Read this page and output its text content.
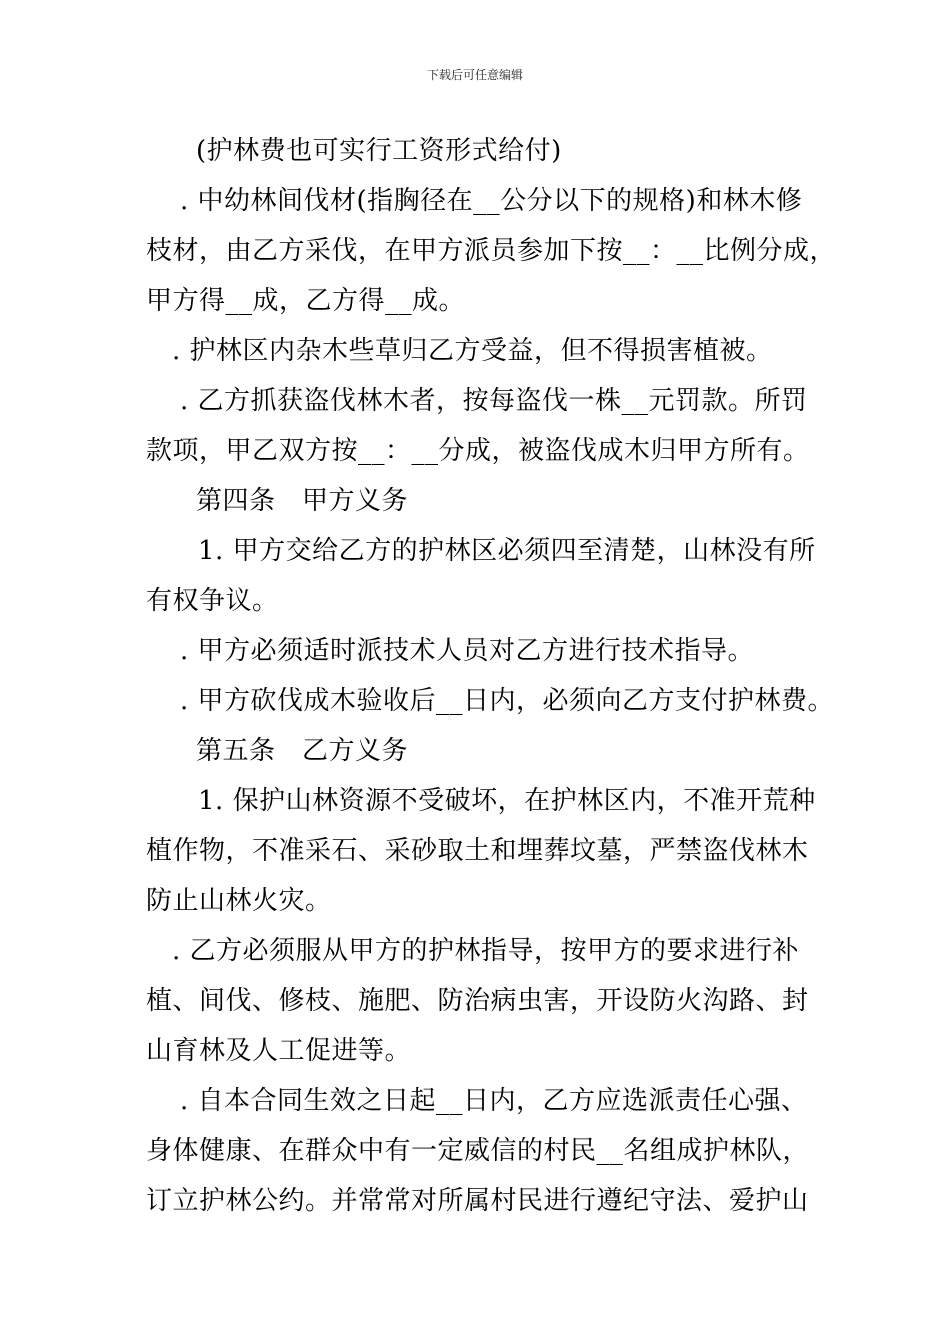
下载后可任意编辑
(护林费也可实行工资形式给付)
. 中幼林间伐材(指胸径在__公分以下的规格)和林木修
枝材，由乙方采伐，在甲方派员参加下按__：__比例分成，
甲方得__成，乙方得__成。
. 护林区内杂木些草归乙方受益，但不得损害植被。
. 乙方抓获盗伐林木者，按每盗伐一株__元罚款。所罚
款项，甲乙双方按__：__分成，被盗伐成木归甲方所有。
第四条　甲方义务
1. 甲方交给乙方的护林区必须四至清楚，山林没有所
有权争议。
. 甲方必须适时派技术人员对乙方进行技术指导。
. 甲方砍伐成木验收后__日内，必须向乙方支付护林费。
第五条　乙方义务
1. 保护山林资源不受破坏，在护林区内，不准开荒种
植作物，不准采石、采砂取土和埋葬坟墓，严禁盗伐林木
防止山林火灾。
. 乙方必须服从甲方的护林指导，按甲方的要求进行补
植、间伐、修枝、施肥、防治病虫害，开设防火沟路、封
山育林及人工促进等。
. 自本合同生效之日起__日内，乙方应选派责任心强、
身体健康、在群众中有一定威信的村民__名组成护林队，
订立护林公约。并常常对所属村民进行遵纪守法、爱护山
